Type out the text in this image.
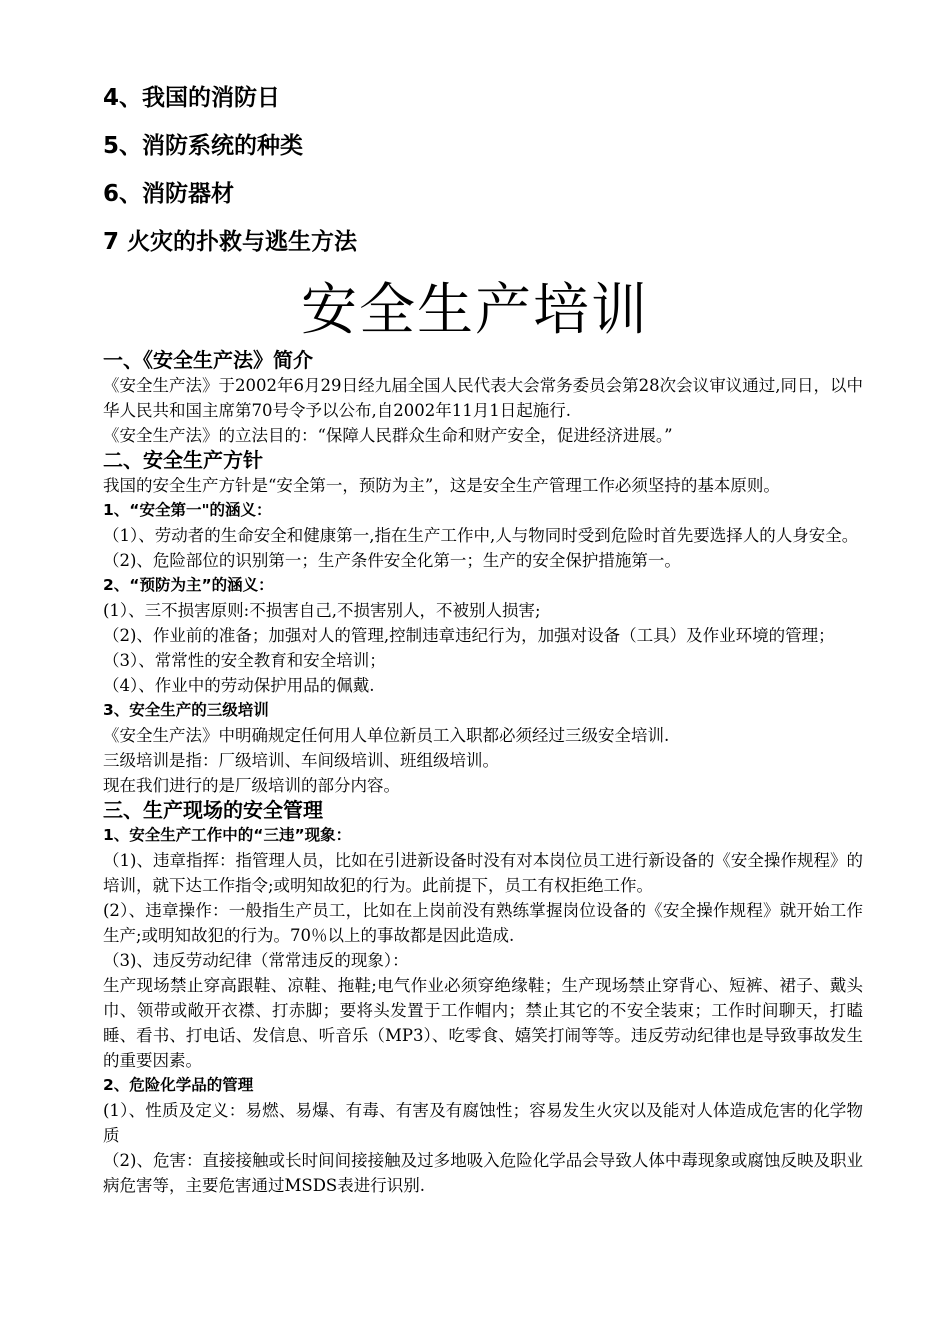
4、我国的消防日
5、消防系统的种类
6、消防器材
7 火灾的扑救与逃生方法
安全生产培训
一、《安全生产法》简介
《安全生产法》于2002年6月29日经九届全国人民代表大会常务委员会第28次会议审议通过,同日，以中华人民共和国主席第70号令予以公布,自2002年11月1日起施行.
《安全生产法》的立法目的：“保障人民群众生命和财产安全，促进经济进展。”
二、安全生产方针
我国的安全生产方针是“安全第一，预防为主”，这是安全生产管理工作必须坚持的基本原则。
1、“安全第一"的涵义：
（1）、劳动者的生命安全和健康第一,指在生产工作中,人与物同时受到危险时首先要选择人的人身安全。
（2)、危险部位的识别第一；生产条件安全化第一；生产的安全保护措施第一。
2、“预防为主”的涵义：
(1）、三不损害原则:不损害自己,不损害别人，不被别人损害;
（2)、作业前的准备；加强对人的管理,控制违章违纪行为，加强对设备（工具）及作业环境的管理；
（3）、常常性的安全教育和安全培训；
（4）、作业中的劳动保护用品的佩戴.
3、安全生产的三级培训
《安全生产法》中明确规定任何用人单位新员工入职都必须经过三级安全培训.
三级培训是指：厂级培训、车间级培训、班组级培训。
现在我们进行的是厂级培训的部分内容。
三、生产现场的安全管理
1、安全生产工作中的“三违”现象：
（1)、违章指挥：指管理人员，比如在引进新设备时没有对本岗位员工进行新设备的《安全操作规程》的培训，就下达工作指令;或明知故犯的行为。此前提下，员工有权拒绝工作。
(2）、违章操作：一般指生产员工，比如在上岗前没有熟练掌握岗位设备的《安全操作规程》就开始工作生产;或明知故犯的行为。70％以上的事故都是因此造成.
（3)、违反劳动纪律（常常违反的现象）：
生产现场禁止穿高跟鞋、凉鞋、拖鞋;电气作业必须穿绝缘鞋；生产现场禁止穿背心、短裤、裙子、戴头巾、领带或敞开衣襟、打赤脚；要将头发置于工作帽内；禁止其它的不安全装束；工作时间聊天，打瞌睡、看书、打电话、发信息、听音乐（MP3）、吃零食、嬉笑打闹等等。违反劳动纪律也是导致事故发生的重要因素。
2、危险化学品的管理
(1）、性质及定义：易燃、易爆、有毒、有害及有腐蚀性；容易发生火灾以及能对人体造成危害的化学物质
（2)、危害：直接接触或长时间间接接触及过多地吸入危险化学品会导致人体中毒现象或腐蚀反映及职业病危害等，主要危害通过MSDS表进行识别.
